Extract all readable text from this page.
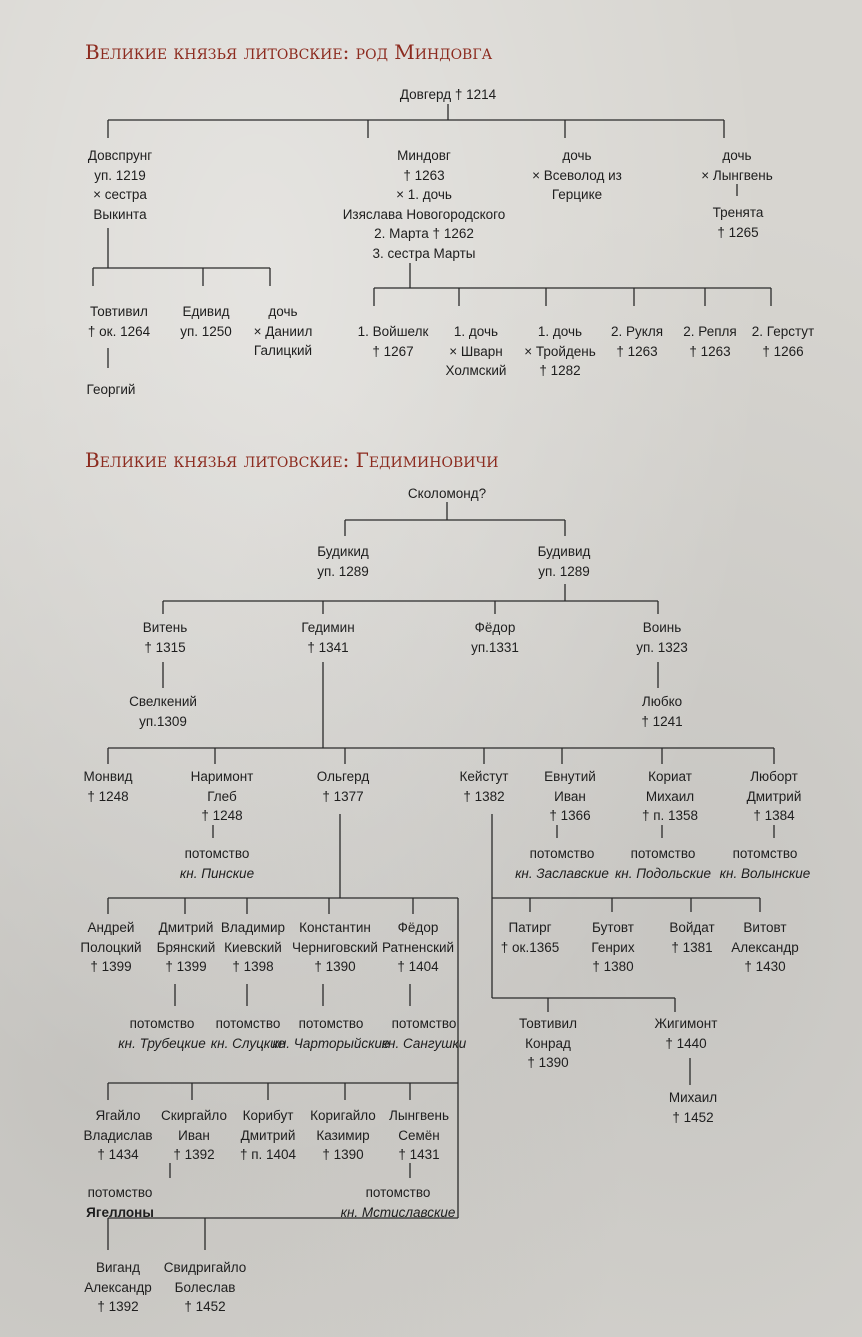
Великие князья литовские: род Миндовга
Довгерд † 1214
Довспрунг
уп. 1219
× сестра
Выкинта
Миндовг
† 1263
× 1. дочь
Изяслава Новогородского
2. Марта † 1262
3. сестра Марты
дочь
× Всеволод из
Герцике
дочь
× Лынгвень
Тренята
† 1265
Товтивил
† ок. 1264
Едивид
уп. 1250
дочь
× Даниил
Галицкий
Георгий
1. Войшелк
† 1267
1. дочь
× Шварн
Холмский
1. дочь
× Тройдень
† 1282
2. Рукля
† 1263
2. Репля
† 1263
2. Герстут
† 1266
Великие князья литовские: Гедиминовичи
Сколомонд?
Будикид
уп. 1289
Будивид
уп. 1289
Витень
† 1315
Гедимин
† 1341
Фёдор
уп.1331
Воинь
уп. 1323
Свелкений
уп.1309
Любко
† 1241
Монвид
† 1248
Наримонт
Глеб
† 1248
Ольгерд
† 1377
Кейстут
† 1382
Евнутий
Иван
† 1366
Кориат
Михаил
† п. 1358
Люборт
Дмитрий
† 1384
потомство
кн. Пинские
потомство
кн. Заславские
потомство
кн. Подольские
потомство
кн. Волынские
Андрей
Полоцкий
† 1399
Дмитрий
Брянский
† 1399
Владимир
Киевский
† 1398
Константин
Черниговский
† 1390
Фёдор
Ратненский
† 1404
потомство
кн. Трубецкие
потомство
кн. Слуцкие
потомство
кн. Чарторыйские
потомство
кн. Сангушки
Патирг
† ок.1365
Бутовт
Генрих
† 1380
Войдат
† 1381
Витовт
Александр
† 1430
Товтивил
Конрад
† 1390
Жигимонт
† 1440
Михаил
† 1452
Ягайло
Владислав
† 1434
Скиргайло
Иван
† 1392
Корибут
Дмитрий
† п. 1404
Коригайло
Казимир
† 1390
Лынгвень
Семён
† 1431
потомство
Ягеллоны
потомство
кн. Мстиславские
Виганд
Александр
† 1392
Свидригайло
Болеслав
† 1452
